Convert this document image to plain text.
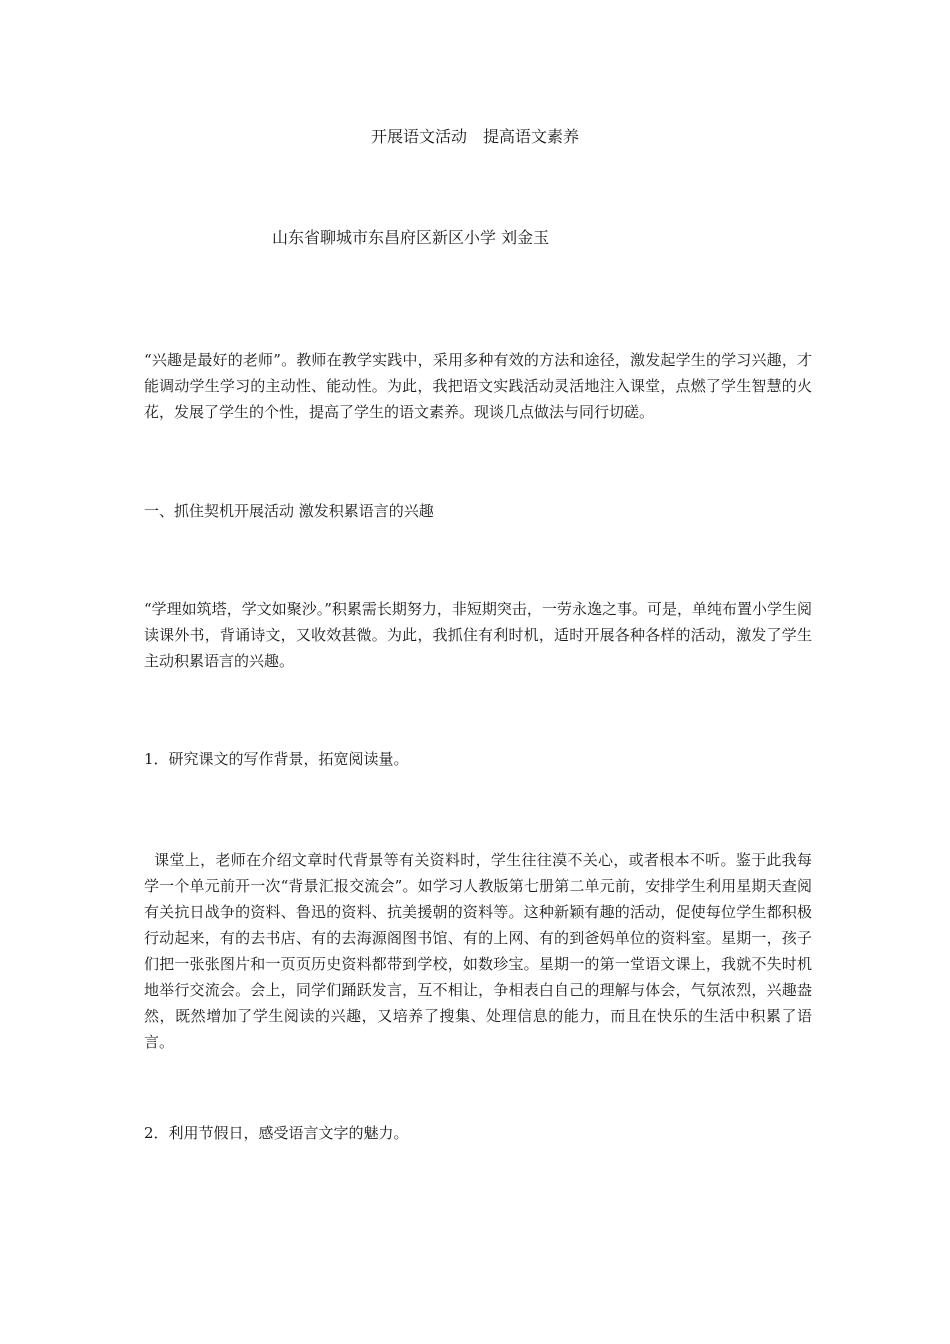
开展语文活动　提高语文素养
山东省聊城市东昌府区新区小学 刘金玉
“兴趣是最好的老师”。教师在教学实践中，采用多种有效的方法和途径，激发起学生的学习兴趣，才能调动学生学习的主动性、能动性。为此，我把语文实践活动灵活地注入课堂，点燃了学生智慧的火花，发展了学生的个性，提高了学生的语文素养。现谈几点做法与同行切磋。
一、抓住契机开展活动 激发积累语言的兴趣
“学理如筑塔，学文如聚沙。”积累需长期努力，非短期突击，一劳永逸之事。可是，单纯布置小学生阅读课外书，背诵诗文，又收效甚微。为此，我抓住有利时机，适时开展各种各样的活动，激发了学生主动积累语言的兴趣。
1．研究课文的写作背景，拓宽阅读量。
课堂上，老师在介绍文章时代背景等有关资料时，学生往往漠不关心，或者根本不听。鉴于此我每学一个单元前开一次“背景汇报交流会”。如学习人教版第七册第二单元前，安排学生利用星期天查阅有关抗日战争的资料、鲁迅的资料、抗美援朝的资料等。这种新颖有趣的活动，促使每位学生都积极行动起来，有的去书店、有的去海源阁图书馆、有的上网、有的到爸妈单位的资料室。星期一，孩子们把一张张图片和一页页历史资料都带到学校，如数珍宝。星期一的第一堂语文课上，我就不失时机地举行交流会。会上，同学们踊跃发言，互不相让，争相表白自己的理解与体会，气氛浓烈，兴趣盎然，既然增加了学生阅读的兴趣，又培养了搜集、处理信息的能力，而且在快乐的生活中积累了语言。
2．利用节假日，感受语言文字的魅力。
